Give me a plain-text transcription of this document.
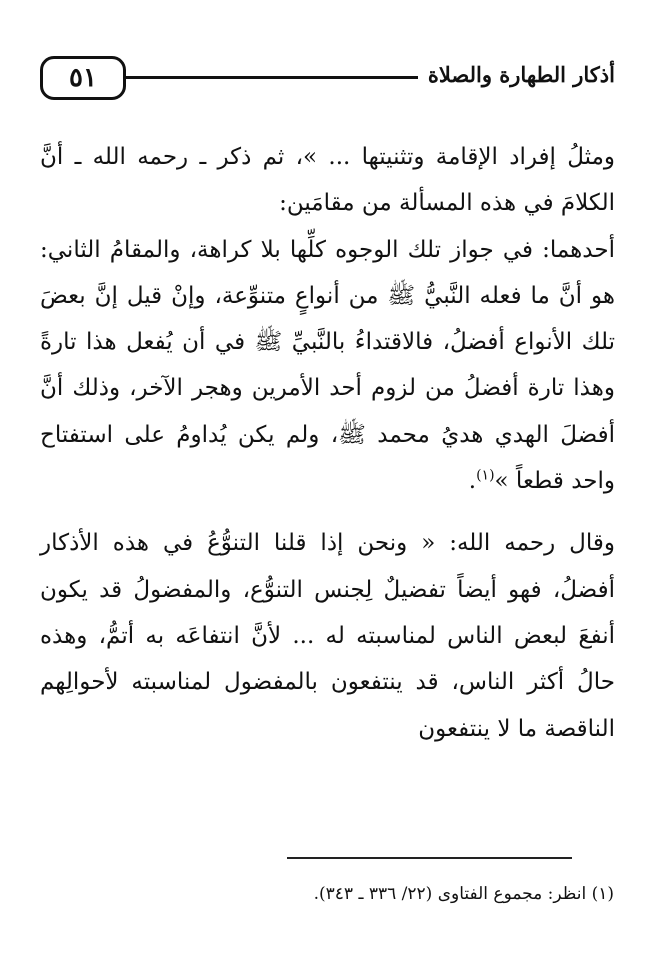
٥١	أذكار الطهارة والصلاة

ومثلُ إفراد الإقامة وتثنيتها ... »، ثم ذكر ـ رحمه الله ـ أنَّ الكلامَ في هذه المسألة من مقامَين:

أحدهما: في جواز تلك الوجوه كلِّها بلا كراهة، والمقامُ الثاني: هو أنَّ ما فعله النَّبيُّ ﷺ من أنواعٍ متنوِّعة، وإنْ قيل إنَّ بعضَ تلك الأنواع أفضلُ، فالاقتداءُ بالنَّبيِّ ﷺ في أن يُفعل هذا تارةً وهذا تارة أفضلُ من لزوم أحد الأمرين وهجر الآخر، وذلك أنَّ أفضلَ الهدي هديُ محمد ﷺ، ولم يكن يُداومُ على استفتاح واحد قطعاً »$^{(١)}$.

وقال رحمه الله: « ونحن إذا قلنا التنوُّعُ في هذه الأذكار أفضلُ، فهو أيضاً تفضيلٌ لِجنس التنوُّع، والمفضولُ قد يكون أنفعَ لبعض الناس لمناسبته له ... لأنَّ انتفاعَه به أتمُّ، وهذه حالُ أكثر الناس، قد ينتفعون بالمفضول لمناسبته لأحوالِهم الناقصة ما لا ينتفعون

(١) انظر: مجموع الفتاوى (٢٢/ ٣٣٦ ـ ٣٤٣).
